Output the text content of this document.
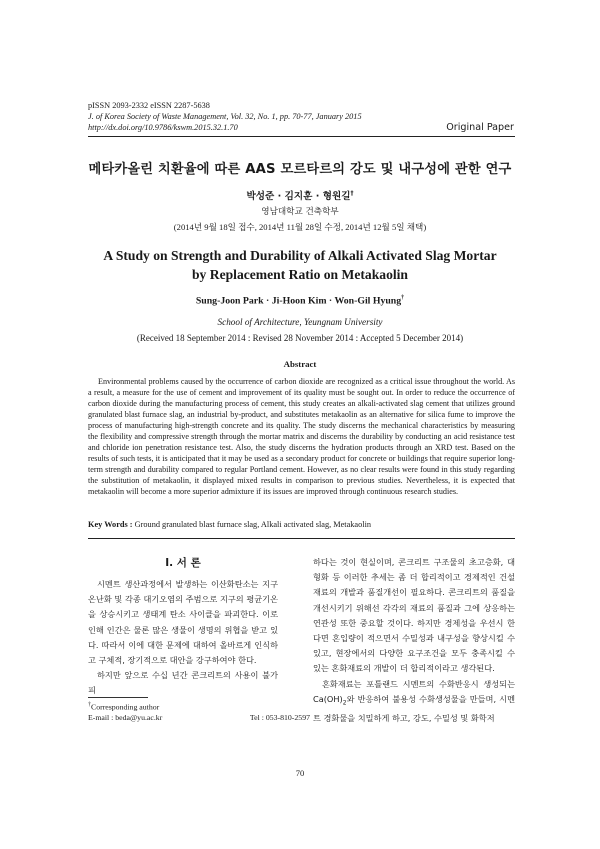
pISSN 2093-2332 eISSN 2287-5638
J. of Korea Society of Waste Management, Vol. 32, No. 1, pp. 70-77, January 2015
http://dx.doi.org/10.9786/kswm.2015.32.1.70	Original Paper
메타카올린 치환율에 따른 AAS 모르타르의 강도 및 내구성에 관한 연구
박성준 · 김지훈 · 형원길†
영남대학교 건축학부
(2014년 9월 18일 접수, 2014년 11월 28일 수정, 2014년 12월 5일 채택)
A Study on Strength and Durability of Alkali Activated Slag Mortar
by Replacement Ratio on Metakaolin
Sung-Joon Park · Ji-Hoon Kim · Won-Gil Hyung†
School of Architecture, Yeungnam University
(Received 18 September 2014 : Revised 28 November 2014 : Accepted 5 December 2014)
Abstract

Environmental problems caused by the occurrence of carbon dioxide are recognized as a critical issue throughout the world. As a result, a measure for the use of cement and improvement of its quality must be sought out. In order to reduce the occurrence of carbon dioxide during the manufacturing process of cement, this study creates an alkali-activated slag cement that utilizes ground granulated blast furnace slag, an industrial by-product, and substitutes metakaolin as an alternative for silica fume to improve the process of manufacturing high-strength concrete and its quality. The study discerns the mechanical characteristics by measuring the flexibility and compressive strength through the mortar matrix and discerns the durability by conducting an acid resistance test and chloride ion penetration resistance test. Also, the study discerns the hydration products through an XRD test. Based on the results of such tests, it is anticipated that it may be used as a secondary product for concrete or buildings that require superior long-term strength and durability compared to regular Portland cement. However, as no clear results were found in this study regarding the substitution of metakaolin, it displayed mixed results in comparison to previous studies. Nevertheless, it is expected that metakaolin will become a more superior admixture if its issues are improved through continuous research studies.

Key Words : Ground granulated blast furnace slag, Alkali activated slag, Metakaolin
I. 서 론

시멘트 생산과정에서 발생하는 이산화탄소는 지구온난화 및 각종 대기오염의 주범으로 지구의 평균기온을 상승시키고 생태계 탄소 사이클을 파괴한다. 이로 인해 인간은 물론 많은 생물이 생명의 위협을 받고 있다. 따라서 이에 대한 문제에 대하여 올바르게 인식하고 구체적, 장기적으로 대안을 강구하여야 한다.

하지만 앞으로 수십 년간 콘크리트의 사용이 불가피

하다는 것이 현실이며, 콘크리트 구조물의 초고층화, 대형화 등 이러한 추세는 좀 더 합리적이고 경제적인 건설재료의 개발과 품질개선이 필요하다. 콘크리트의 품질을 개선시키기 위해선 각각의 재료의 품질과 그에 상응하는 연관성 또한 중요할 것이다. 하지만 경제성을 우선시 한다면 혼입량이 적으면서 수밀성과 내구성을 향상시킬 수 있고, 현장에서의 다양한 요구조건을 모두 충족시킬 수 있는 혼화재료의 개발이 더 합리적이라고 생각된다.

혼화재료는 포틀랜드 시멘트의 수화반응시 생성되는 $Ca(OH)_2$와 반응하여 불용성 수화생성물을 만들며, 시멘트 경화물을 치밀하게 하고, 강도, 수밀성 및 화학저

†Corresponding author
E-mail : beda@yu.ac.kr	Tel : 053-810-2597
70
